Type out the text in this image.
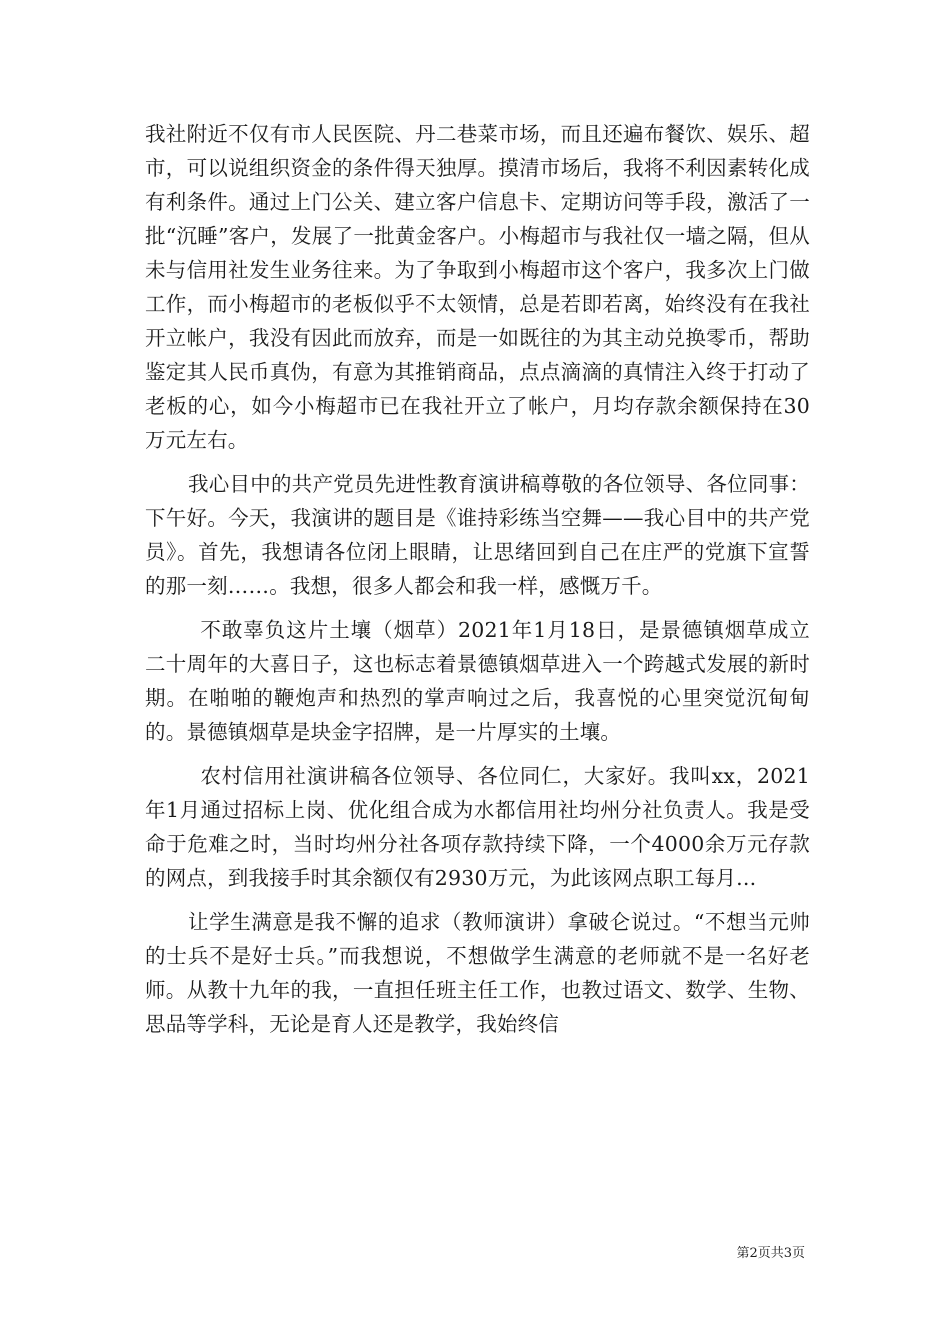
我社附近不仅有市人民医院、丹二巷菜市场，而且还遍布餐饮、娱乐、超市，可以说组织资金的条件得天独厚。摸清市场后，我将不利因素转化成有利条件。通过上门公关、建立客户信息卡、定期访问等手段，激活了一批“沉睡”客户，发展了一批黄金客户。小梅超市与我社仅一墙之隔，但从未与信用社发生业务往来。为了争取到小梅超市这个客户，我多次上门做工作，而小梅超市的老板似乎不太领情，总是若即若离，始终没有在我社开立帐户，我没有因此而放弃，而是一如既往的为其主动兑换零币，帮助鉴定其人民币真伪，有意为其推销商品，点点滴滴的真情注入终于打动了老板的心，如今小梅超市已在我社开立了帐户，月均存款余额保持在30万元左右。

我心目中的共产党员先进性教育演讲稿尊敬的各位领导、各位同事：下午好。今天，我演讲的题目是《谁持彩练当空舞——我心目中的共产党员》。首先，我想请各位闭上眼睛，让思绪回到自己在庄严的党旗下宣誓的那一刻……。我想，很多人都会和我一样，感慨万千。

不敢辜负这片土壤（烟草）2021年1月18日，是景德镇烟草成立二十周年的大喜日子，这也标志着景德镇烟草进入一个跨越式发展的新时期。在啪啪的鞭炮声和热烈的掌声响过之后，我喜悦的心里突觉沉甸甸的。景德镇烟草是块金字招牌，是一片厚实的土壤。

农村信用社演讲稿各位领导、各位同仁，大家好。我叫xx，2021年1月通过招标上岗、优化组合成为水都信用社均州分社负责人。我是受命于危难之时，当时均州分社各项存款持续下降，一个4000余万元存款的网点，到我接手时其余额仅有2930万元，为此该网点职工每月...

让学生满意是我不懈的追求（教师演讲）拿破仑说过。“不想当元帅的士兵不是好士兵。”而我想说，不想做学生满意的老师就不是一名好老师。从教十九年的我，一直担任班主任工作，也教过语文、数学、生物、思品等学科，无论是育人还是教学，我始终信

第2页共3页
